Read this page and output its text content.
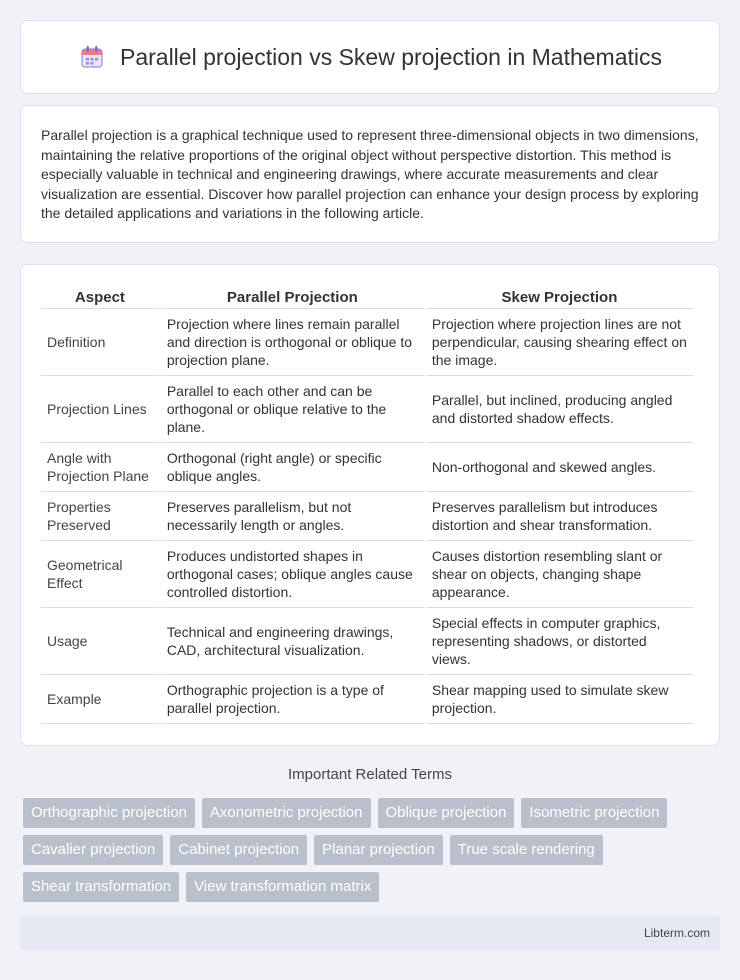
Parallel projection vs Skew projection in Mathematics

Parallel projection is a graphical technique used to represent three-dimensional objects in two dimensions, maintaining the relative proportions of the original object without perspective distortion. This method is especially valuable in technical and engineering drawings, where accurate measurements and clear visualization are essential. Discover how parallel projection can enhance your design process by exploring the detailed applications and variations in the following article.

Aspect	Parallel Projection	Skew Projection
Definition	Projection where lines remain parallel and direction is orthogonal or oblique to projection plane.	Projection where projection lines are not perpendicular, causing shearing effect on the image.
Projection Lines	Parallel to each other and can be orthogonal or oblique relative to the plane.	Parallel, but inclined, producing angled and distorted shadow effects.
Angle with Projection Plane	Orthogonal (right angle) or specific oblique angles.	Non-orthogonal and skewed angles.
Properties Preserved	Preserves parallelism, but not necessarily length or angles.	Preserves parallelism but introduces distortion and shear transformation.
Geometrical Effect	Produces undistorted shapes in orthogonal cases; oblique angles cause controlled distortion.	Causes distortion resembling slant or shear on objects, changing shape appearance.
Usage	Technical and engineering drawings, CAD, architectural visualization.	Special effects in computer graphics, representing shadows, or distorted views.
Example	Orthographic projection is a type of parallel projection.	Shear mapping used to simulate skew projection.
Important Related Terms
Orthographic projection	Axonometric projection	Oblique projection	Isometric projection
Cavalier projection	Cabinet projection	Planar projection	True scale rendering
Shear transformation	View transformation matrix
Libterm.com
